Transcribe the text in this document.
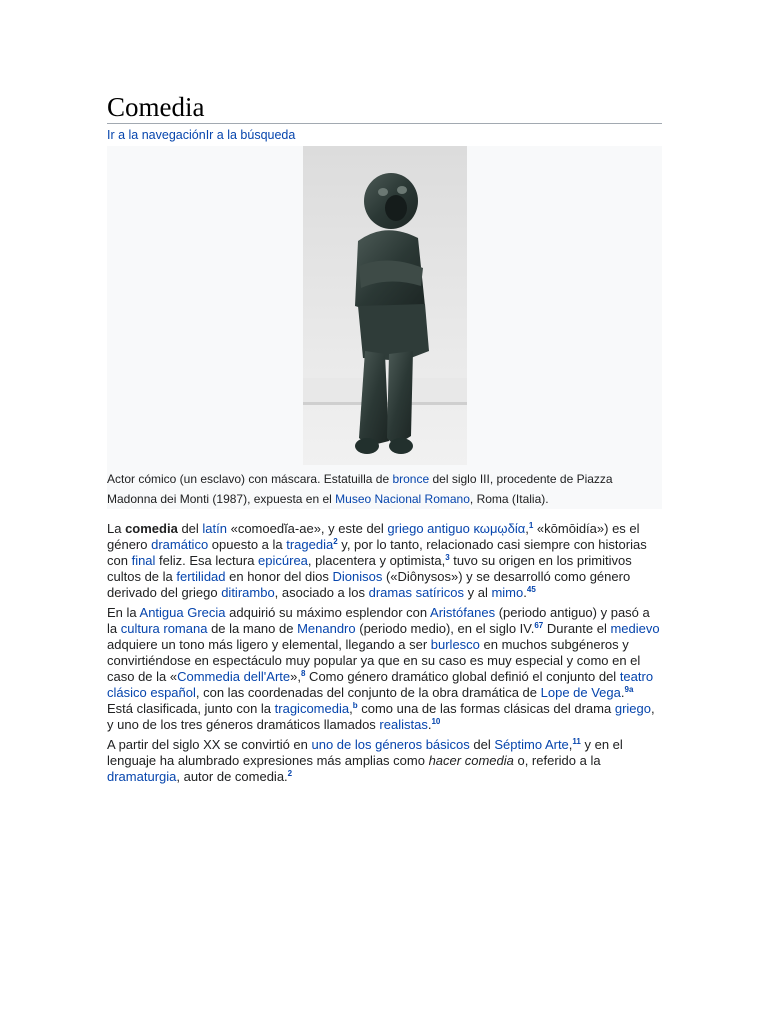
Comedia
Ir a la navegaciónIr a la búsqueda
Actor cómico (un esclavo) con máscara. Estatuilla de bronce del siglo III, procedente de Piazza Madonna dei Monti (1987), expuesta en el Museo Nacional Romano, Roma (Italia).

La comedia del latín «comoedĭa-ae», y este del griego antiguo κωμῳδία,$^1$ «kōmōidía») es el género dramático opuesto a la tragedia$^2$ y, por lo tanto, relacionado casi siempre con historias con final feliz. Esa lectura epicúrea, placentera y optimista,$^3$ tuvo su origen en los primitivos cultos de la fertilidad en honor del dios Dionisos («Diônysos») y se desarrolló como género derivado del griego ditirambo, asociado a los dramas satíricos y al mimo.$^{45}$

En la Antigua Grecia adquirió su máximo esplendor con Aristófanes (periodo antiguo) y pasó a la cultura romana de la mano de Menandro (periodo medio), en el siglo IV.$^{67}$ Durante el medievo adquiere un tono más ligero y elemental, llegando a ser burlesco en muchos subgéneros y convirtiéndose en espectáculo muy popular ya que en su caso es muy especial y como en el caso de la «Commedia dell'Arte»,$^8$ Como género dramático global definió el conjunto del teatro clásico español, con las coordenadas del conjunto de la obra dramática de Lope de Vega.$^{9a}$ Está clasificada, junto con la tragicomedia,$^b$ como una de las formas clásicas del drama griego, y uno de los tres géneros dramáticos llamados realistas.$^{10}$

A partir del siglo XX se convirtió en uno de los géneros básicos del Séptimo Arte,$^{11}$ y en el lenguaje ha alumbrado expresiones más amplias como hacer comedia o, referido a la dramaturgia, autor de comedia.$^2$
